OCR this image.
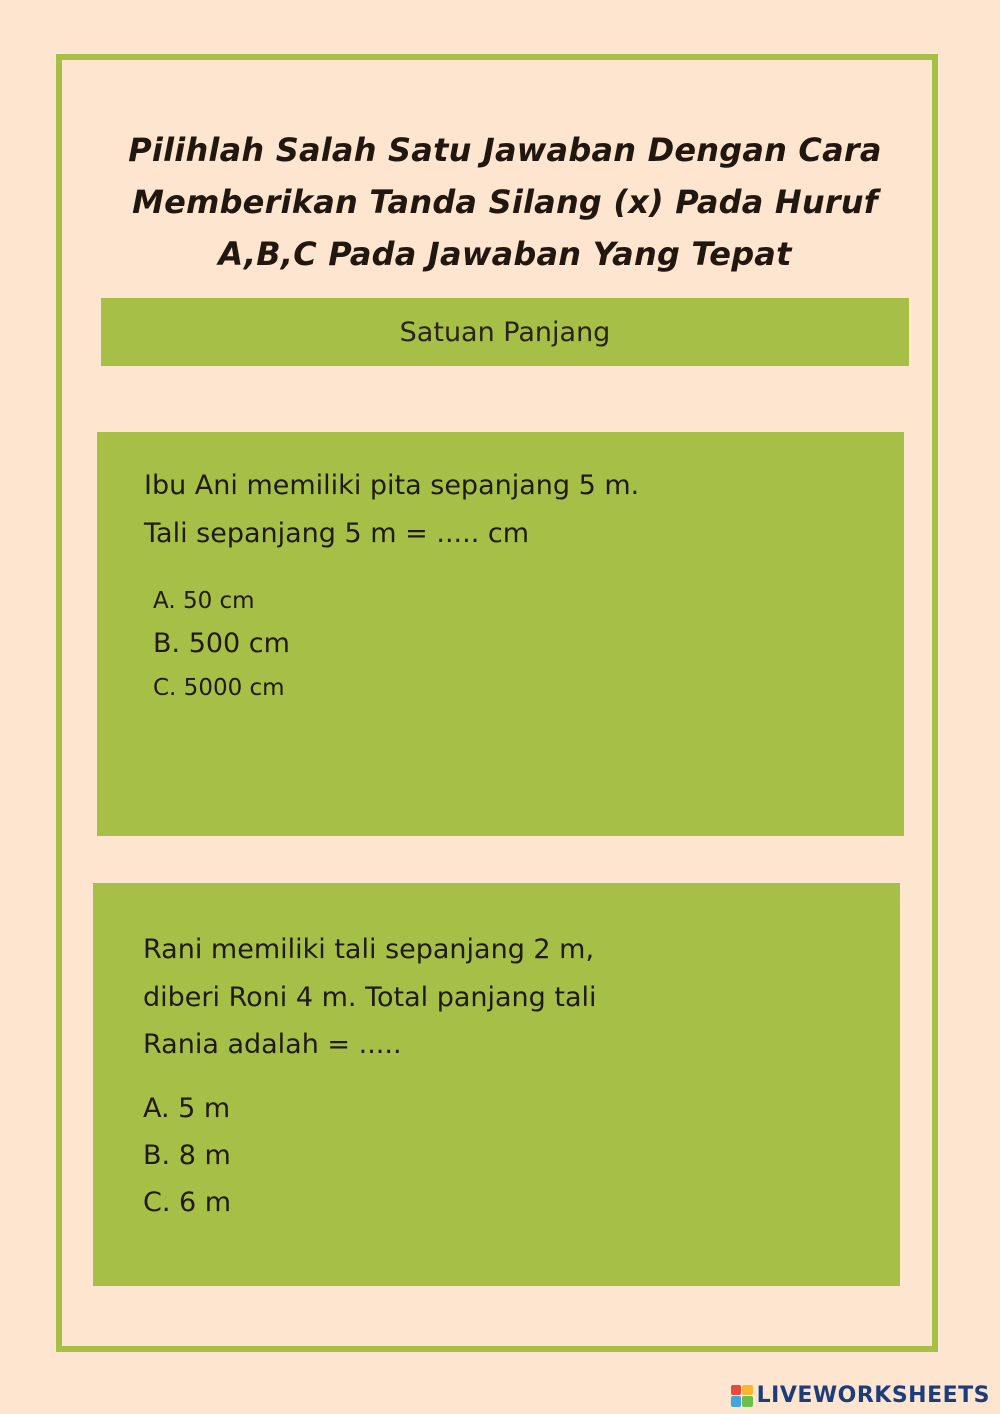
Pilihlah Salah Satu Jawaban Dengan Cara
Memberikan Tanda Silang (x) Pada Huruf
A,B,C Pada Jawaban Yang Tepat
Satuan Panjang
Ibu Ani memiliki pita sepanjang 5 m.
Tali sepanjang 5 m = ..... cm
A. 50 cm
B. 500 cm
C. 5000 cm
Rani memiliki tali sepanjang 2 m,
diberi Roni 4 m. Total panjang tali
Rania adalah = .....
A. 5 m
B. 8 m
C. 6 m
LIVEWORKSHEETS
